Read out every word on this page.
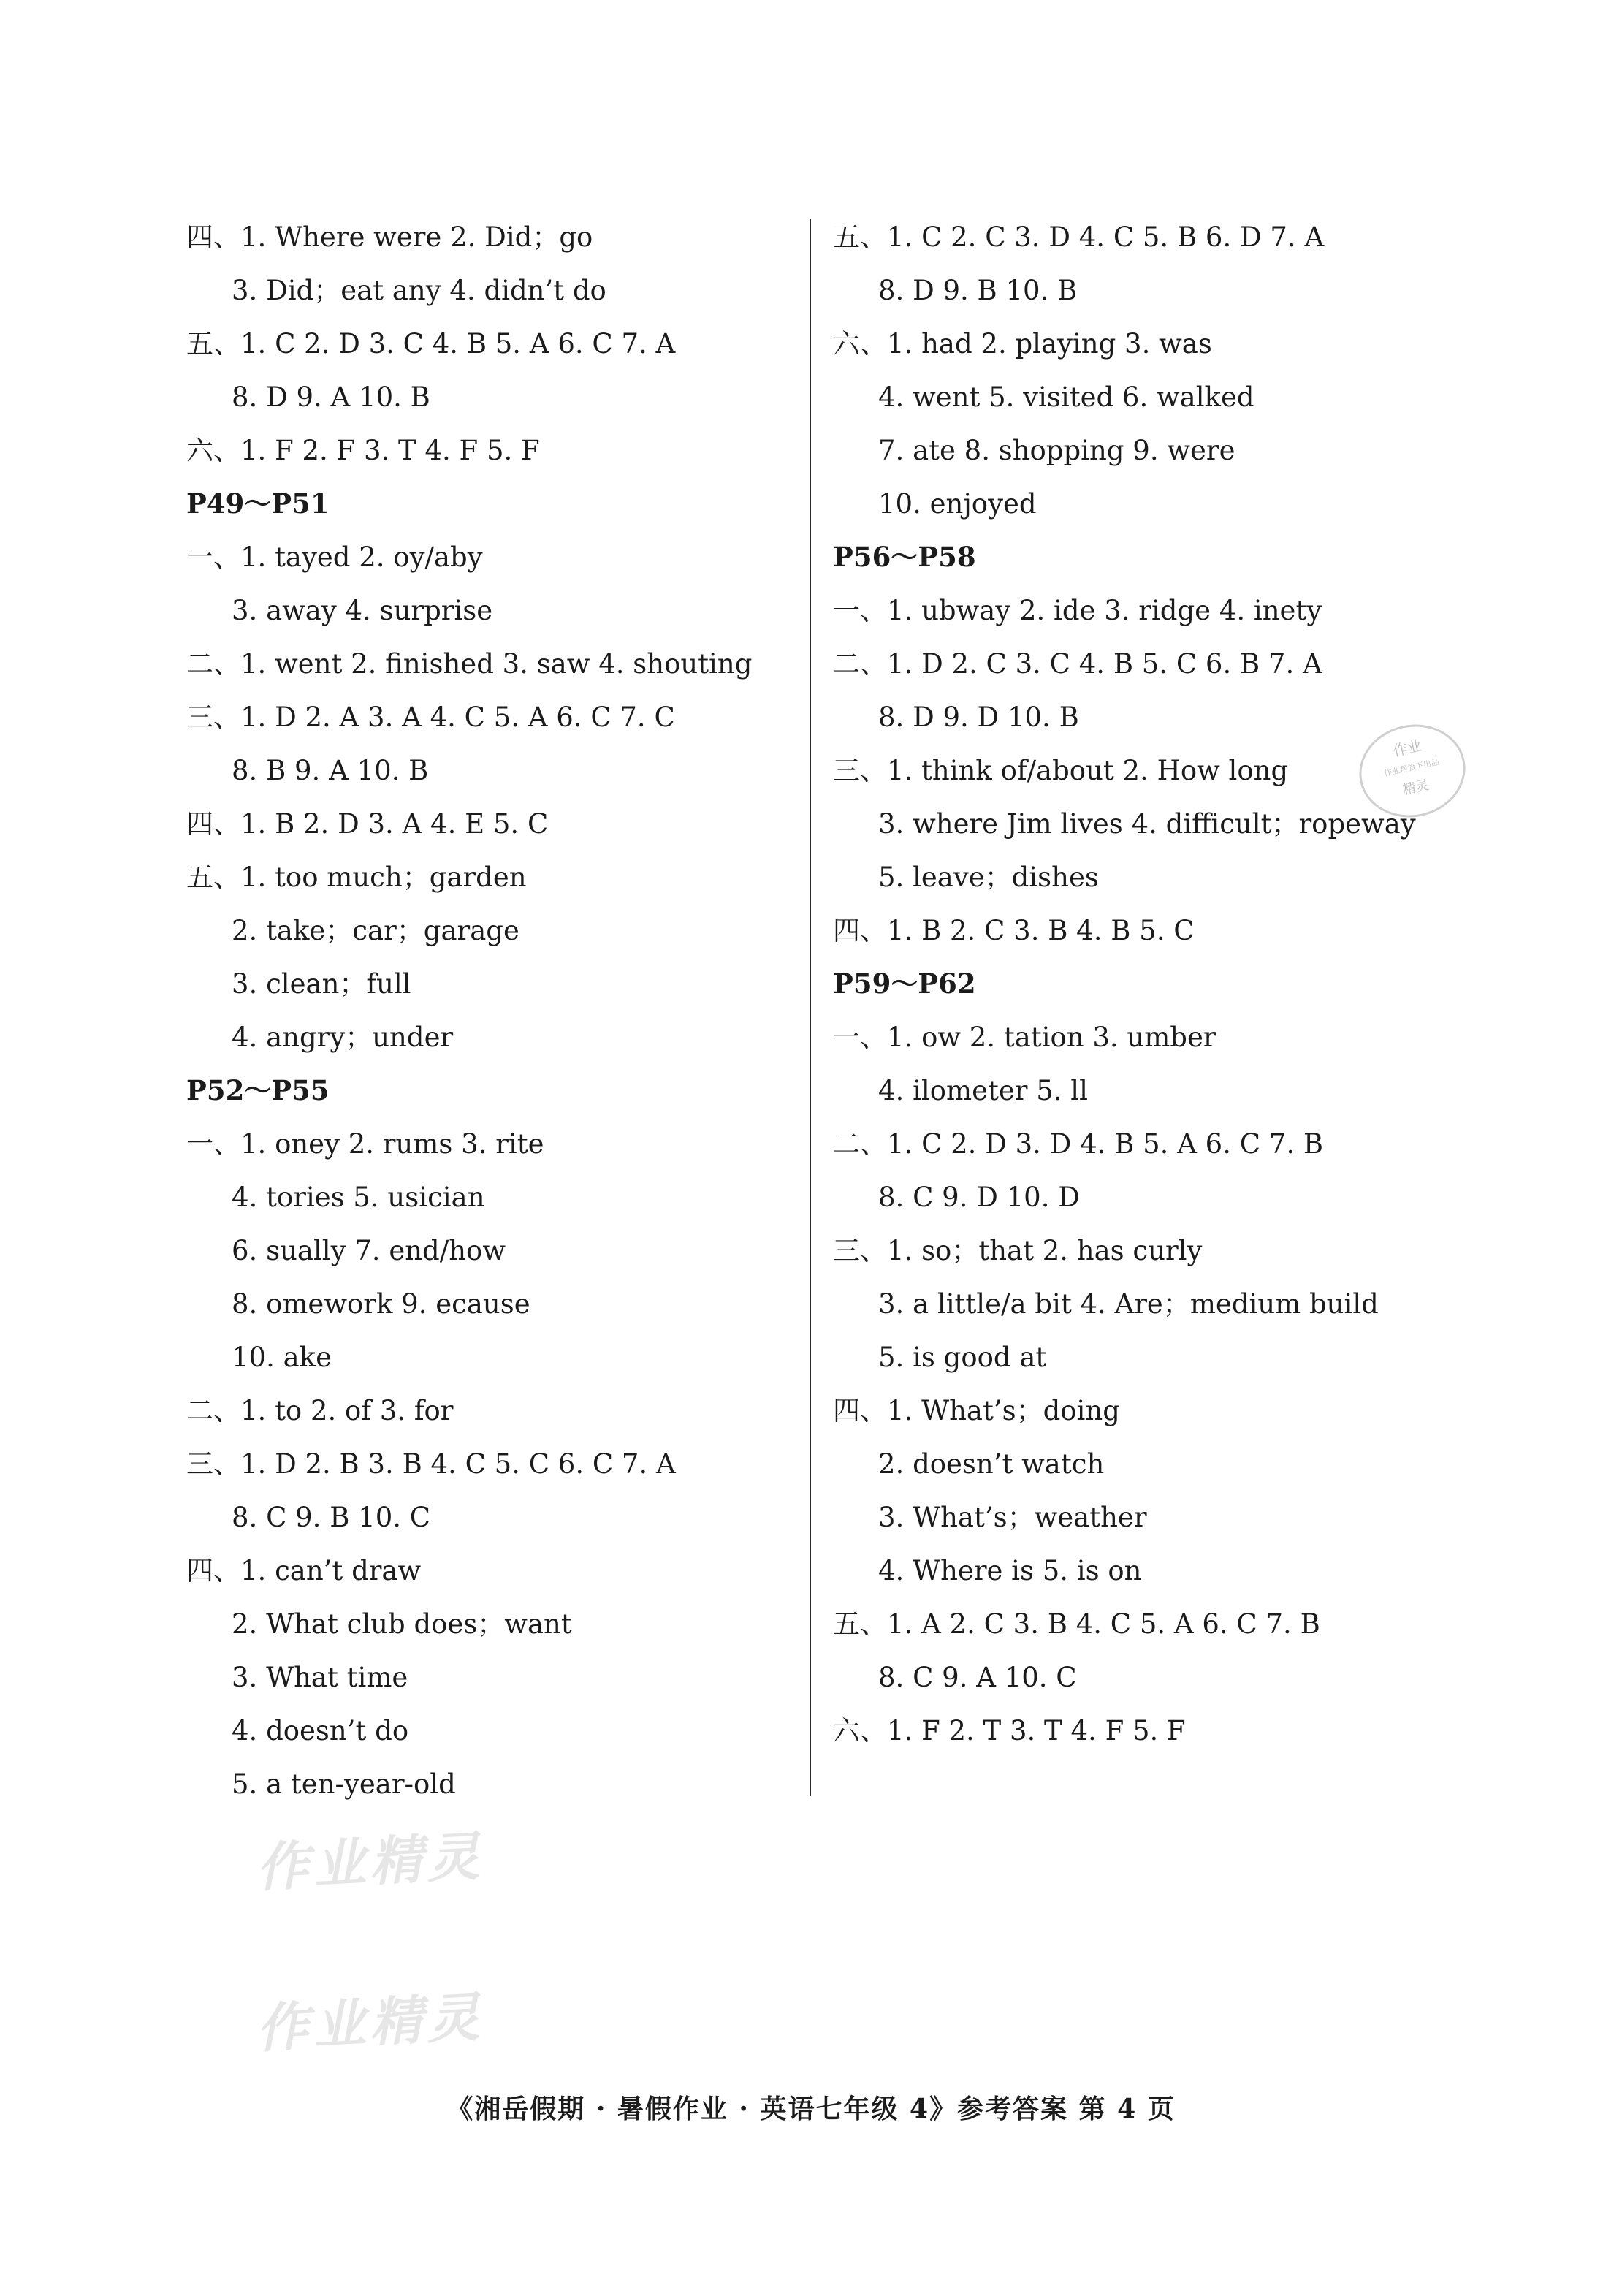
四、1. Where were 2. Did；go
3. Did；eat any 4. didn’t do
五、1. C 2. D 3. C 4. B 5. A 6. C 7. A
8. D 9. A 10. B
六、1. F 2. F 3. T 4. F 5. F
P49～P51
一、1. tayed 2. oy/aby
3. away 4. surprise
二、1. went 2. finished 3. saw 4. shouting
三、1. D 2. A 3. A 4. C 5. A 6. C 7. C
8. B 9. A 10. B
四、1. B 2. D 3. A 4. E 5. C
五、1. too much；garden
2. take；car；garage
3. clean；full
4. angry；under
P52～P55
一、1. oney 2. rums 3. rite
4. tories 5. usician
6. sually 7. end/how
8. omework 9. ecause
10. ake
二、1. to 2. of 3. for
三、1. D 2. B 3. B 4. C 5. C 6. C 7. A
8. C 9. B 10. C
四、1. can’t draw
2. What club does；want
3. What time
4. doesn’t do
5. a ten-year-old
五、1. C 2. C 3. D 4. C 5. B 6. D 7. A
8. D 9. B 10. B
六、1. had 2. playing 3. was
4. went 5. visited 6. walked
7. ate 8. shopping 9. were
10. enjoyed
P56～P58
一、1. ubway 2. ide 3. ridge 4. inety
二、1. D 2. C 3. C 4. B 5. C 6. B 7. A
8. D 9. D 10. B
三、1. think of/about 2. How long
3. where Jim lives 4. difficult；ropeway
5. leave；dishes
四、1. B 2. C 3. B 4. B 5. C
P59～P62
一、1. ow 2. tation 3. umber
4. ilometer 5. ll
二、1. C 2. D 3. D 4. B 5. A 6. C 7. B
8. C 9. D 10. D
三、1. so；that 2. has curly
3. a little/a bit 4. Are；medium build
5. is good at
四、1. What’s；doing
2. doesn’t watch
3. What’s；weather
4. Where is 5. is on
五、1. A 2. C 3. B 4. C 5. A 6. C 7. B
8. C 9. A 10. C
六、1. F 2. T 3. T 4. F 5. F
作业
作业帮旗下出品
精灵
作业精灵
作业精灵
《湘岳假期 · 暑假作业 · 英语七年级 4》参考答案 第 4 页
